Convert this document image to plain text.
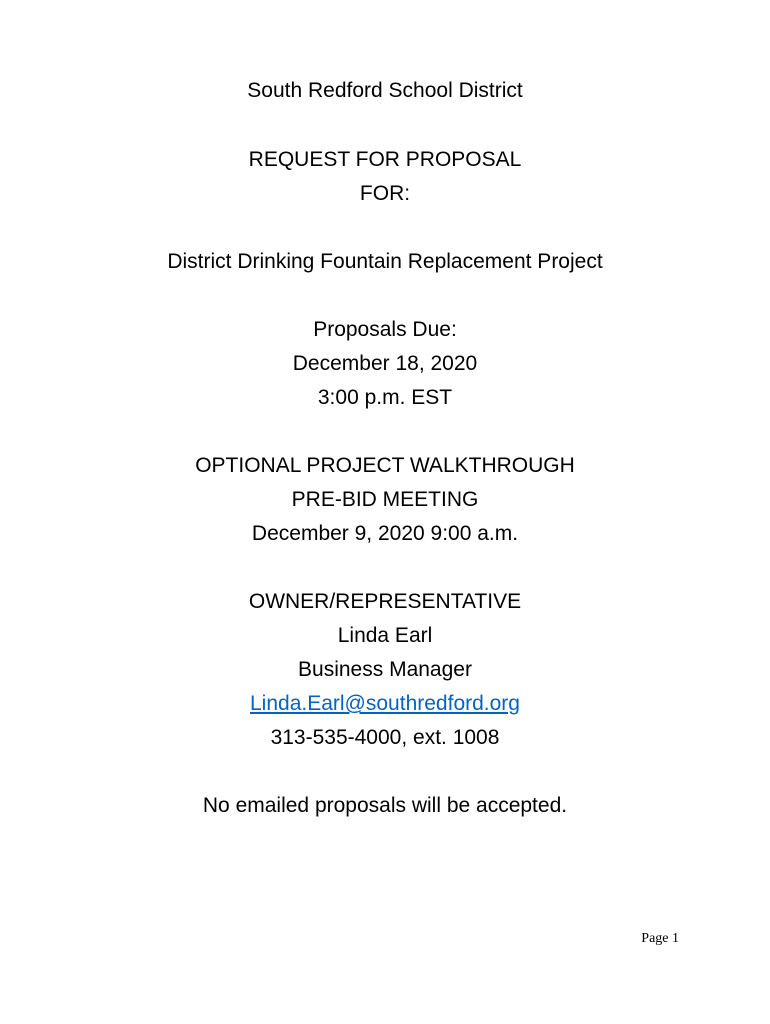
South Redford School District
REQUEST FOR PROPOSAL
FOR:
District Drinking Fountain Replacement Project
Proposals Due:
December 18, 2020
3:00 p.m. EST
OPTIONAL PROJECT WALKTHROUGH
PRE-BID MEETING
December 9, 2020 9:00 a.m.
OWNER/REPRESENTATIVE
Linda Earl
Business Manager
Linda.Earl@southredford.org
313-535-4000, ext. 1008
No emailed proposals will be accepted.
Page 1
